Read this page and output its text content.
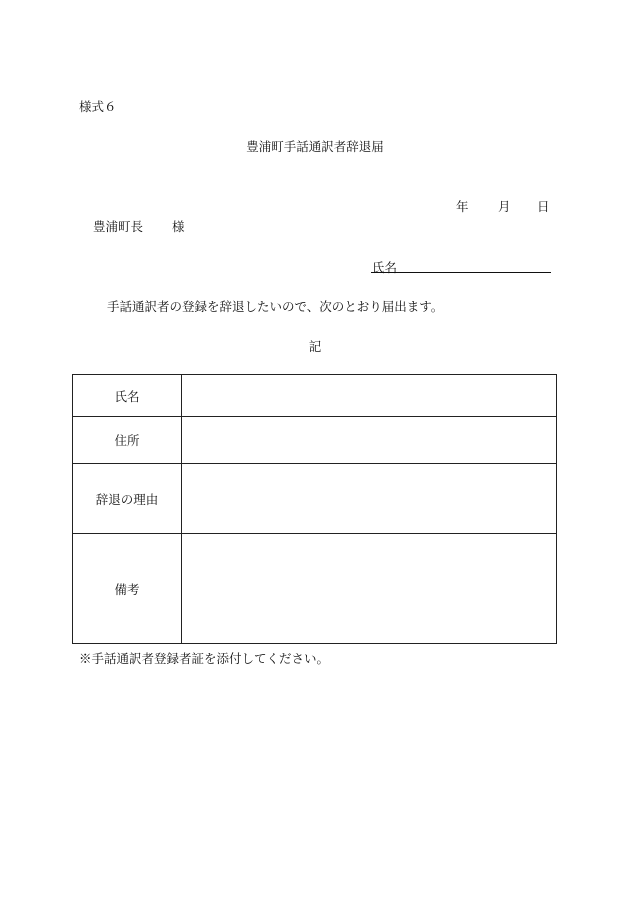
様式６
豊浦町手話通訳者辞退届
年 月 日
豊浦町長 様
氏名
手話通訳者の登録を辞退したいので、次のとおり届出ます。
記
氏名	
住所	
辞退の理由	
備考	
※手話通訳者登録者証を添付してください。
